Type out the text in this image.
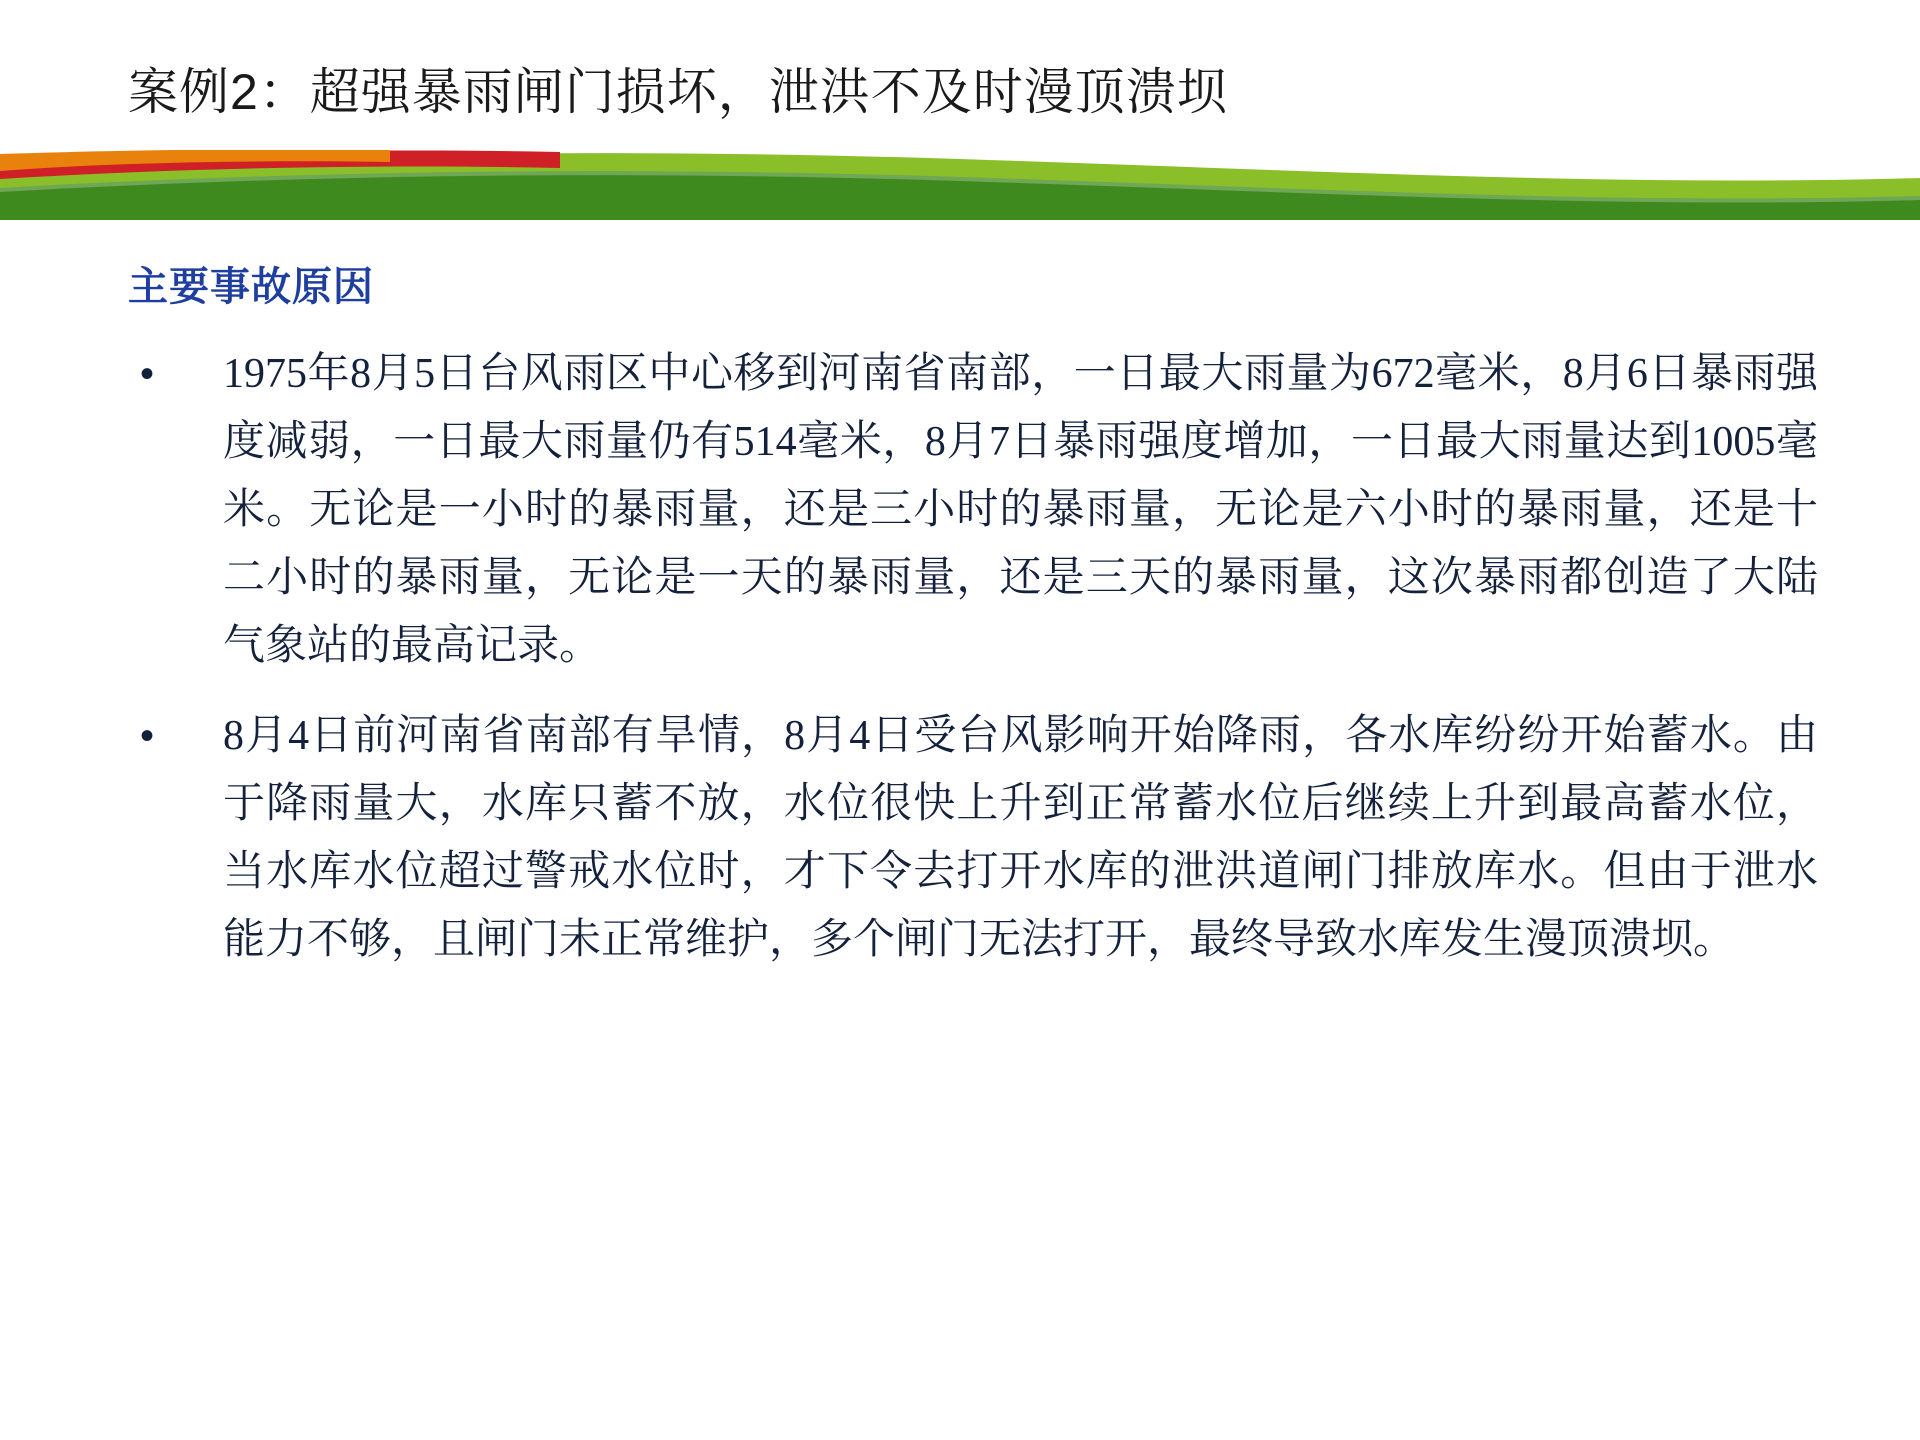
案例2：超强暴雨闸门损坏，泄洪不及时漫顶溃坝
主要事故原因
•	1975年8月5日台风雨区中心移到河南省南部，一日最大雨量为672毫米，8月6日暴雨强度减弱，一日最大雨量仍有514毫米，8月7日暴雨强度增加，一日最大雨量达到1005毫米。无论是一小时的暴雨量，还是三小时的暴雨量，无论是六小时的暴雨量，还是十二小时的暴雨量，无论是一天的暴雨量，还是三天的暴雨量，这次暴雨都创造了大陆气象站的最高记录。
•	8月4日前河南省南部有旱情，8月4日受台风影响开始降雨，各水库纷纷开始蓄水。由于降雨量大，水库只蓄不放，水位很快上升到正常蓄水位后继续上升到最高蓄水位，当水库水位超过警戒水位时，才下令去打开水库的泄洪道闸门排放库水。但由于泄水能力不够，且闸门未正常维护，多个闸门无法打开，最终导致水库发生漫顶溃坝。
